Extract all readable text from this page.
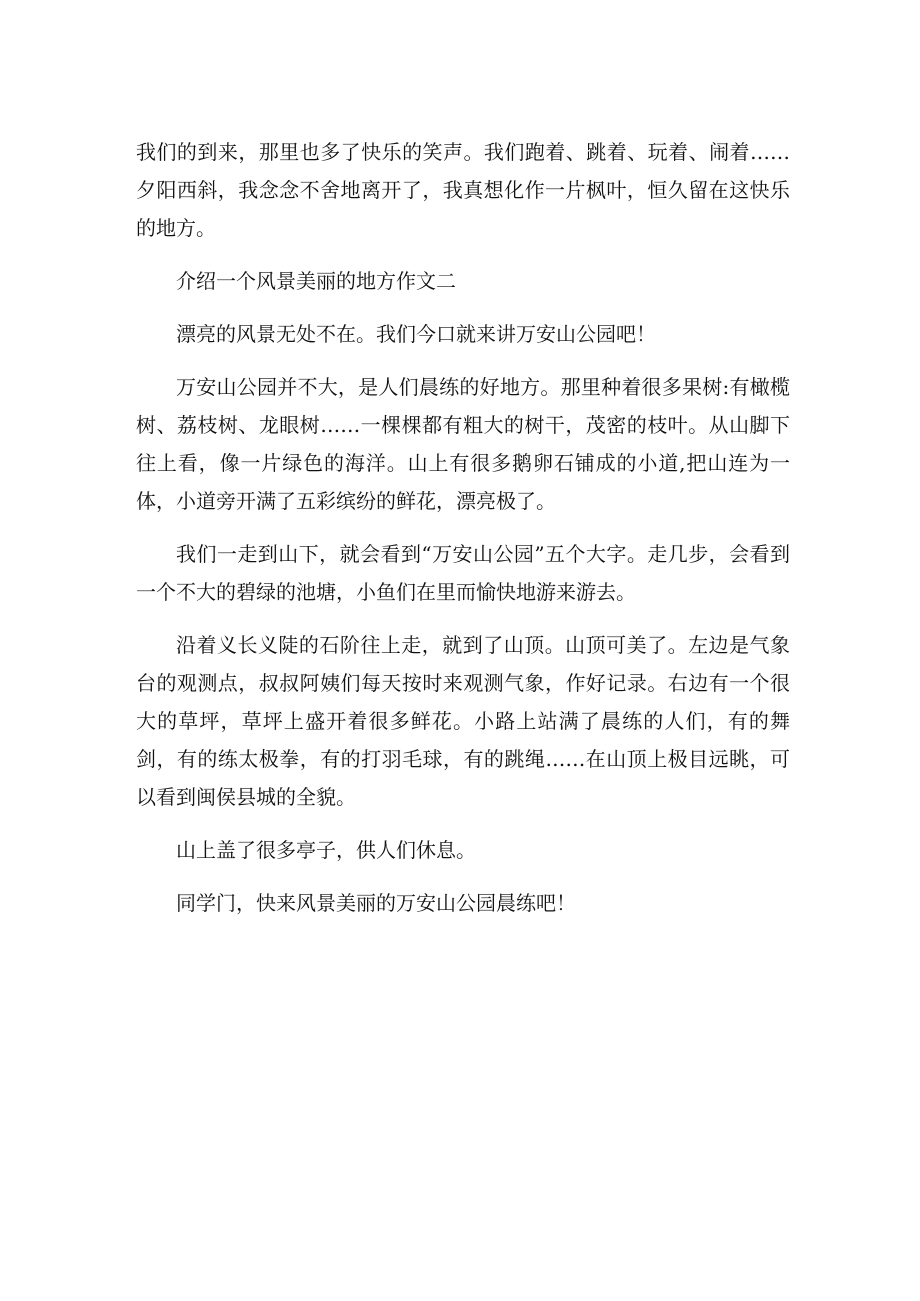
我们的到来，那里也多了快乐的笑声。我们跑着、跳着、玩着、闹着……夕阳西斜，我念念不舍地离开了，我真想化作一片枫叶，恒久留在这快乐的地方。

介绍一个风景美丽的地方作文二

漂亮的风景无处不在。我们今口就来讲万安山公园吧！

万安山公园并不大，是人们晨练的好地方。那里种着很多果树:有橄榄树、荔枝树、龙眼树……一棵棵都有粗大的树干，茂密的枝叶。从山脚下往上看，像一片绿色的海洋。山上有很多鹅卵石铺成的小道,把山连为一体，小道旁开满了五彩缤纷的鲜花，漂亮极了。

我们一走到山下，就会看到“万安山公园”五个大字。走几步，会看到一个不大的碧绿的池塘，小鱼们在里而愉快地游来游去。

沿着义长义陡的石阶往上走，就到了山顶。山顶可美了。左边是气象台的观测点，叔叔阿姨们每天按时来观测气象，作好记录。右边有一个很大的草坪，草坪上盛开着很多鲜花。小路上站满了晨练的人们，有的舞剑，有的练太极拳，有的打羽毛球，有的跳绳……在山顶上极目远眺，可以看到闽侯县城的全貌。

山上盖了很多亭子，供人们休息。

同学门，快来风景美丽的万安山公园晨练吧！
